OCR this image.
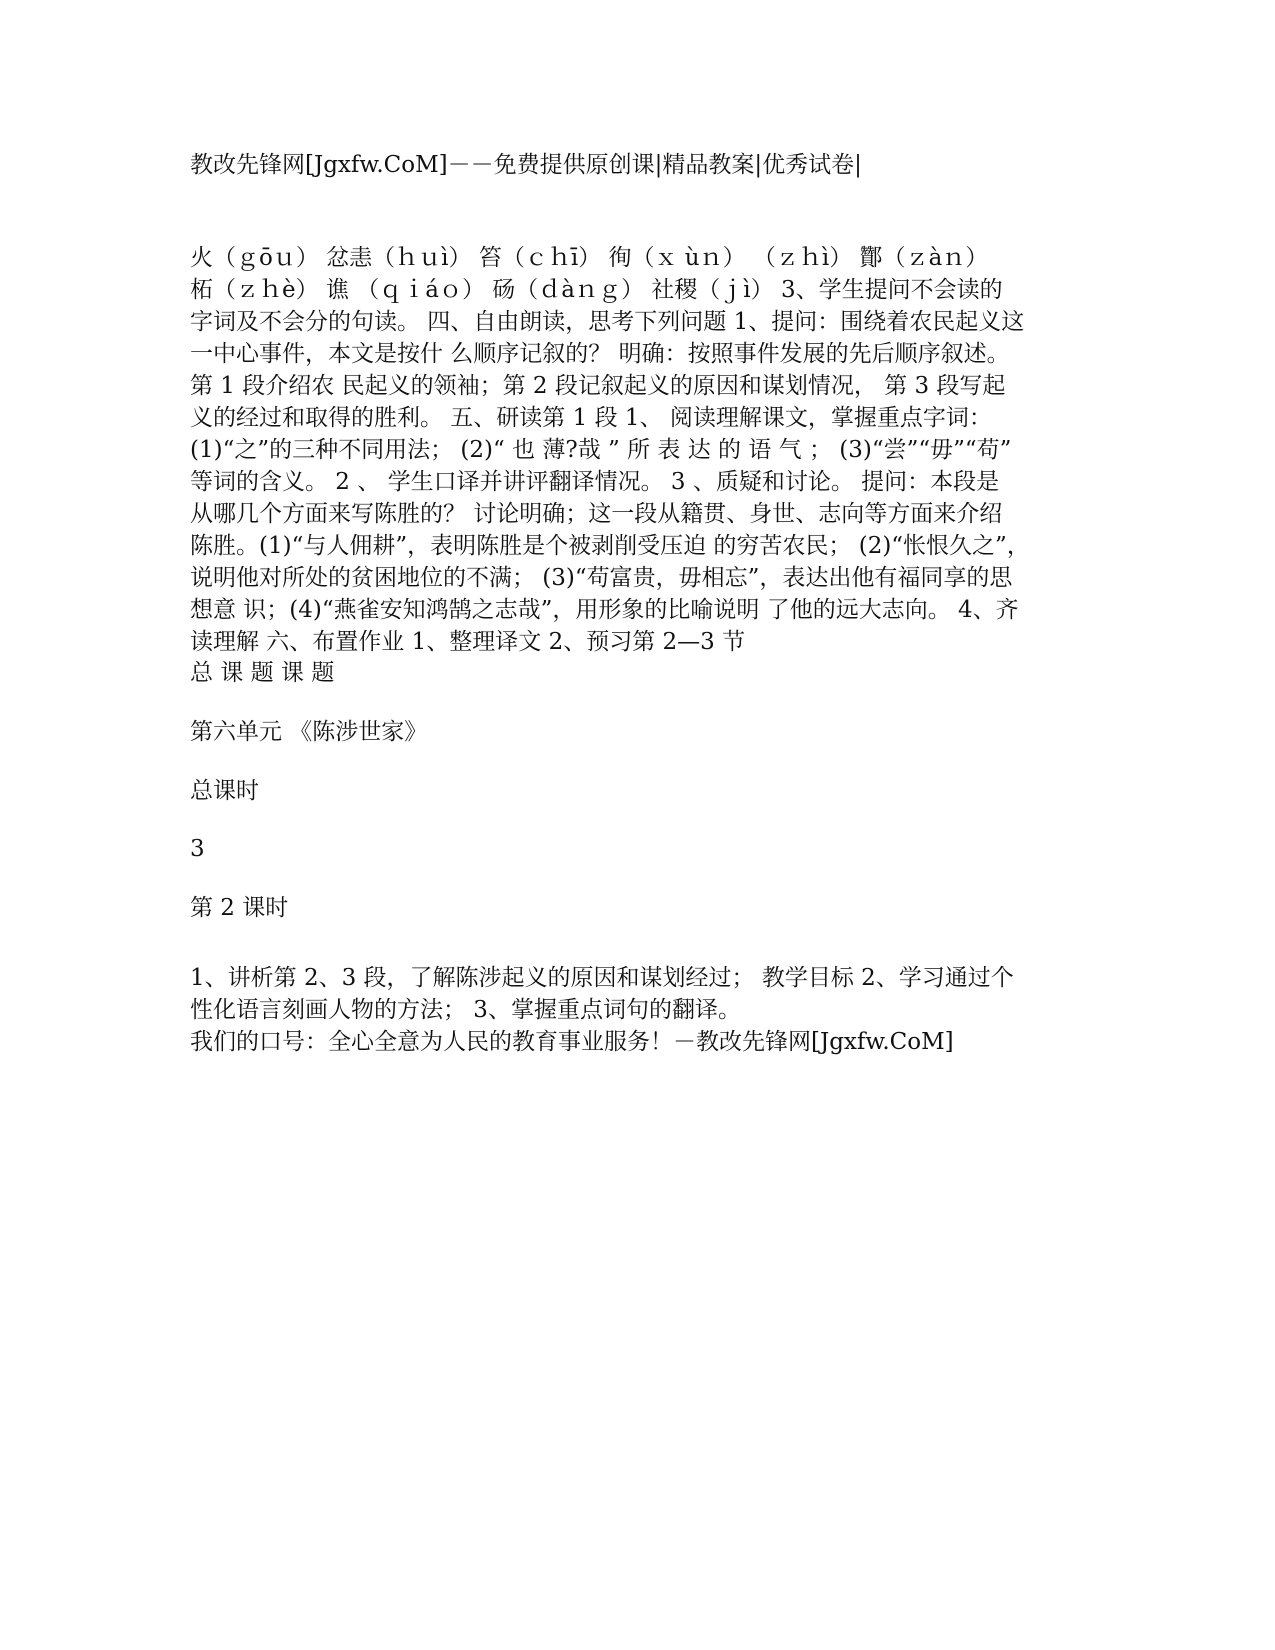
教改先锋网[Jgxfw.CoM]－－免费提供原创课|精品教案|优秀试卷|
火（ｇōｕ） 忿恚（ｈｕì） 笞（ｃｈī） 徇（ｘ ùｎ） （ｚｈì） 酇（ｚàｎ）
柘（ｚｈè） 谯 （ｑｉáｏ） 砀（ｄàｎｇ） 社稷（ｊì） 3、学生提问不会读的
字词及不会分的句读。 四、自由朗读，思考下列问题 1、提问：围绕着农民起义这
一中心事件，本文是按什 么顺序记叙的？ 明确：按照事件发展的先后顺序叙述。
第 1 段介绍农 民起义的领袖；第 2 段记叙起义的原因和谋划情况， 第 3 段写起
义的经过和取得的胜利。 五、研读第 1 段 1、 阅读理解课文，掌握重点字词：
(1)“之”的三种不同用法； (2)“ 也 薄?哉 ” 所 表 达 的 语 气 ； (3)“尝”“毋”“苟”
等词的含义。 2 、 学生口译并讲评翻译情况。 3 、质疑和讨论。 提问：本段是
从哪几个方面来写陈胜的？ 讨论明确；这一段从籍贯、身世、志向等方面来介绍
陈胜。(1)“与人佣耕”，表明陈胜是个被剥削受压迫 的穷苦农民； (2)“怅恨久之”，
说明他对所处的贫困地位的不满； (3)“苟富贵，毋相忘”，表达出他有福同享的思
想意 识；(4)“燕雀安知鸿鹄之志哉”，用形象的比喻说明 了他的远大志向。 4、齐
读理解 六、布置作业 1、整理译文 2、预习第 2—3 节
总 课 题 课 题
第六单元 《陈涉世家》
总课时
3
第 2 课时
1、讲析第 2、3 段，了解陈涉起义的原因和谋划经过； 教学目标 2、学习通过个
性化语言刻画人物的方法； 3、掌握重点词句的翻译。
我们的口号：全心全意为人民的教育事业服务！－教改先锋网[Jgxfw.CoM]
